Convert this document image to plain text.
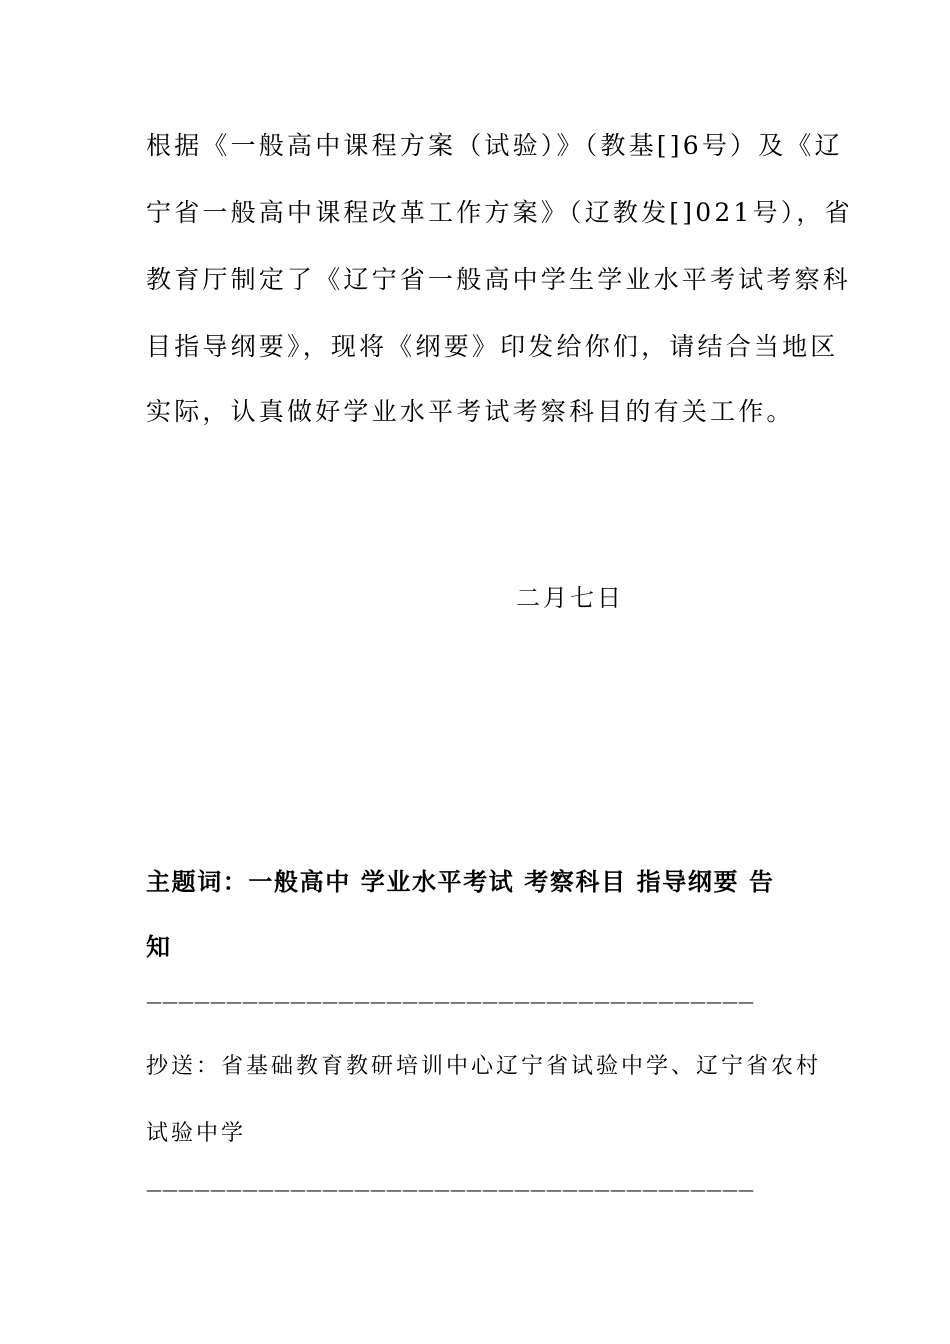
根据《一般高中课程方案（试验）》（教基[]6号）及《辽
宁省一般高中课程改革工作方案》（辽教发[]021号），省
教育厅制定了《辽宁省一般高中学生学业水平考试考察科
目指导纲要》，现将《纲要》印发给你们，请结合当地区
实际，认真做好学业水平考试考察科目的有关工作。
二月七日
主题词：一般高中 学业水平考试 考察科目 指导纲要 告
知
——————————————————————————————————————
抄送：省基础教育教研培训中心辽宁省试验中学、辽宁省农村
试验中学
——————————————————————————————————————
